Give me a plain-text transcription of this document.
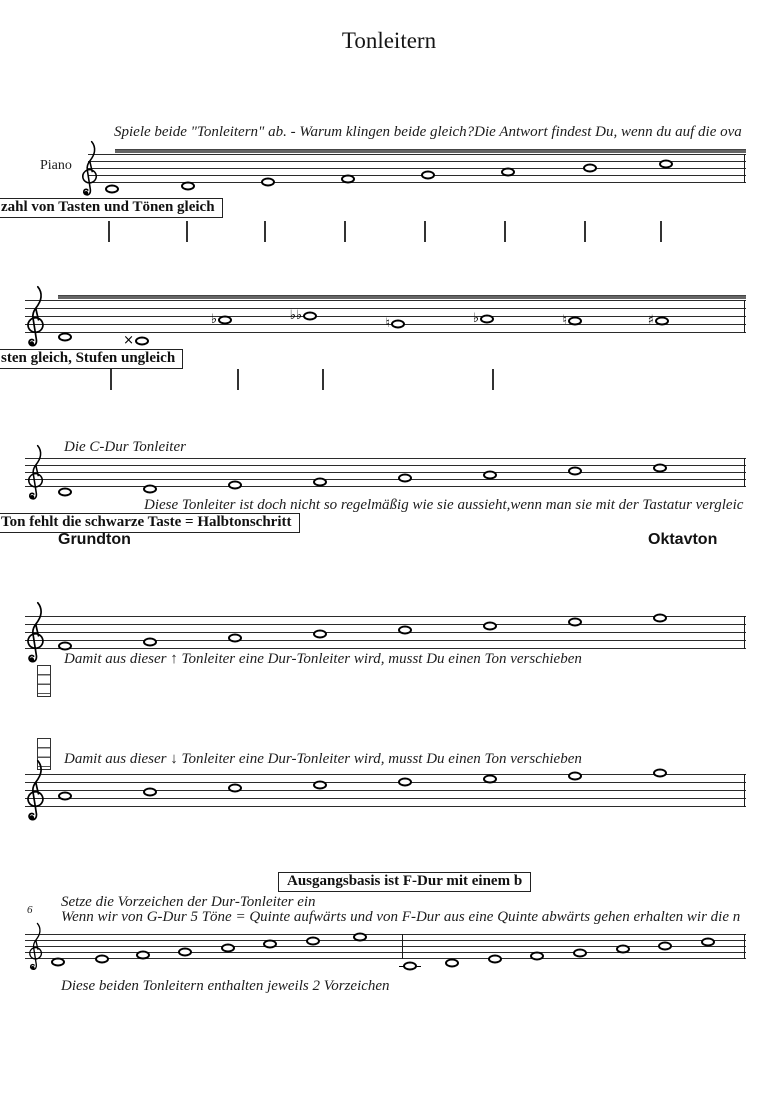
Tonleitern
Spiele beide "Tonleitern" ab. - Warum klingen beide gleich?Die Antwort findest Du, wenn du auf die ova
Piano
zahl von Tasten und Tönen gleich
sten gleich, Stufen ungleich
Die C-Dur Tonleiter
Diese Tonleiter ist doch nicht so regelmäßig wie sie aussieht,wenn man sie mit der Tastatur vergleic
Ton fehlt die schwarze Taste = Halbtonschritt
Grundton	Oktavton
Damit aus dieser ↑ Tonleiter eine Dur-Tonleiter wird, musst Du einen Ton verschieben
Damit aus dieser ↓ Tonleiter eine Dur-Tonleiter wird, musst Du einen Ton verschieben
Ausgangsbasis ist F-Dur mit einem b
Setze die Vorzeichen der Dur-Tonleiter ein
6 Wenn wir von G-Dur 5 Töne = Quinte aufwärts und von F-Dur aus eine Quinte abwärts gehen erhalten wir die n
Diese beiden Tonleitern enthalten jeweils 2 Vorzeichen
×
♭	♭♭
♮	♭	♮	♯
